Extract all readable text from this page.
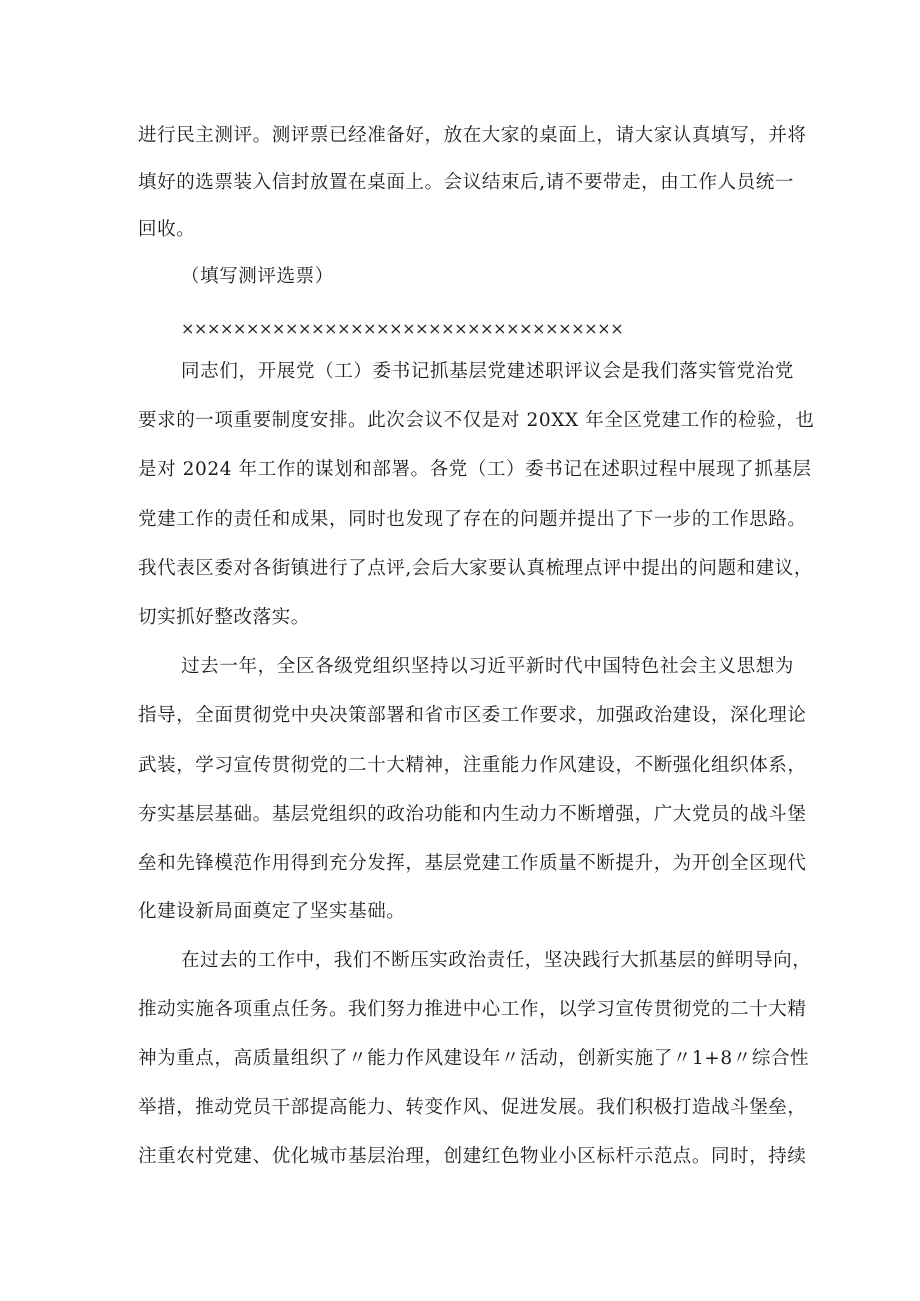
进行民主测评。测评票已经准备好，放在大家的桌面上，请大家认真填写，并将
填好的选票装入信封放置在桌面上。会议结束后,请不要带走，由工作人员统一
回收。
（填写测评选票）
××××××××××××××××××××××××××××××××××
同志们，开展党（工）委书记抓基层党建述职评议会是我们落实管党治党
要求的一项重要制度安排。此次会议不仅是对 20XX 年全区党建工作的检验，也
是对 2024 年工作的谋划和部署。各党（工）委书记在述职过程中展现了抓基层
党建工作的责任和成果，同时也发现了存在的问题并提出了下一步的工作思路。
我代表区委对各街镇进行了点评,会后大家要认真梳理点评中提出的问题和建议，
切实抓好整改落实。
过去一年，全区各级党组织坚持以习近平新时代中国特色社会主义思想为
指导，全面贯彻党中央决策部署和省市区委工作要求，加强政治建设，深化理论
武装，学习宣传贯彻党的二十大精神，注重能力作风建设，不断强化组织体系，
夯实基层基础。基层党组织的政治功能和内生动力不断增强，广大党员的战斗堡
垒和先锋模范作用得到充分发挥，基层党建工作质量不断提升，为开创全区现代
化建设新局面奠定了坚实基础。
在过去的工作中，我们不断压实政治责任，坚决践行大抓基层的鲜明导向，
推动实施各项重点任务。我们努力推进中心工作，以学习宣传贯彻党的二十大精
神为重点，高质量组织了〃能力作风建设年〃活动，创新实施了〃1+8〃综合性
举措，推动党员干部提高能力、转变作风、促进发展。我们积极打造战斗堡垒，
注重农村党建、优化城市基层治理，创建红色物业小区标杆示范点。同时，持续
